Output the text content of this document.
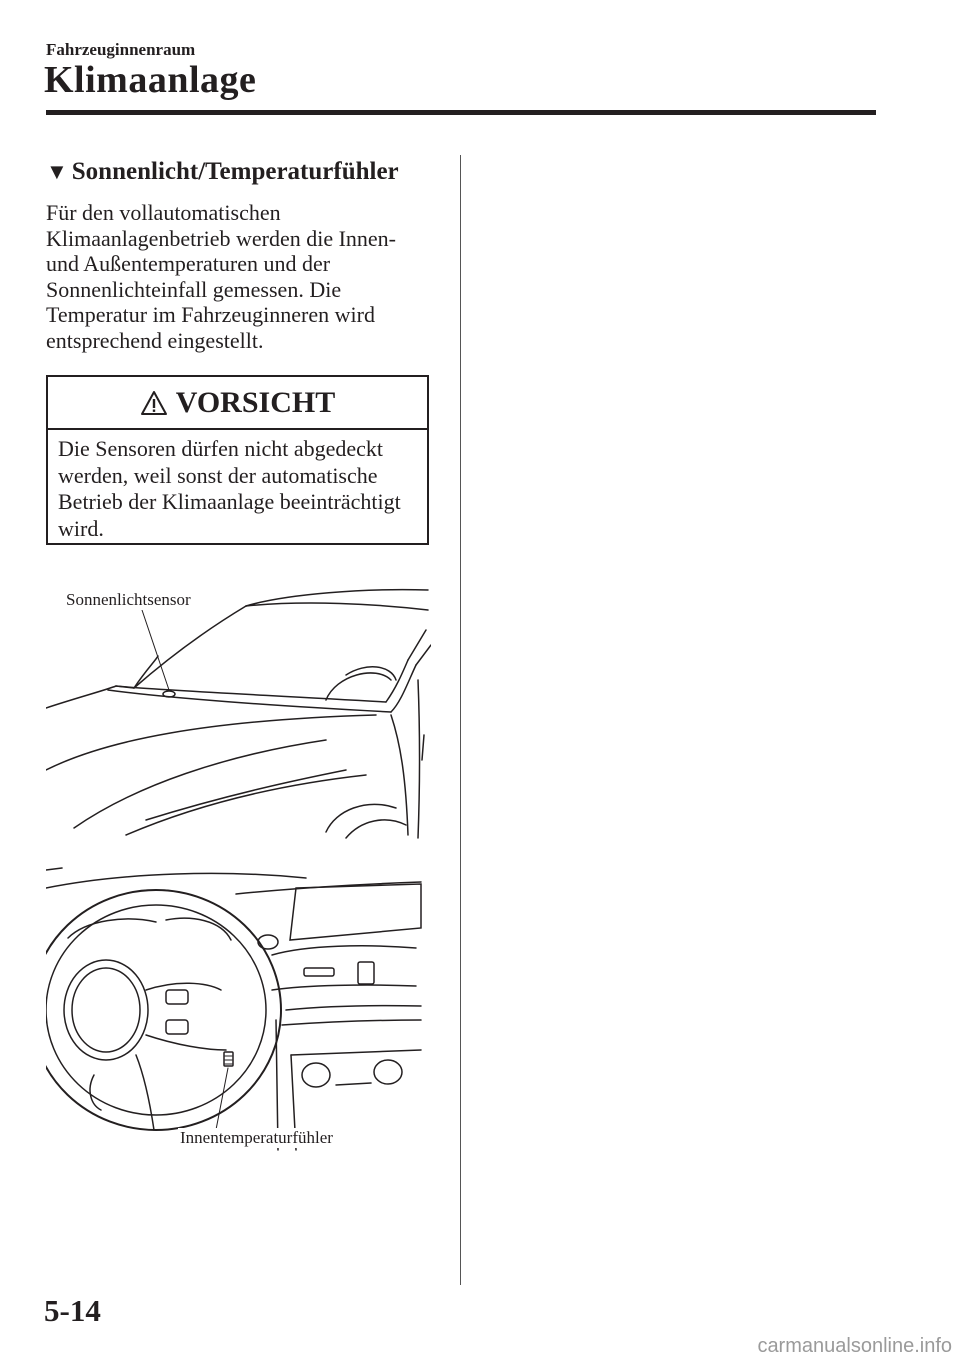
Fahrzeuginnenraum
Klimaanlage
▼ Sonnenlicht/Temperaturfühler
Für den vollautomatischen
Klimaanlagenbetrieb werden die Innen-
und Außentemperaturen und der
Sonnenlichteinfall gemessen. Die
Temperatur im Fahrzeuginneren wird
entsprechend eingestellt.
VORSICHT
Die Sensoren dürfen nicht abgedeckt
werden, weil sonst der automatische
Betrieb der Klimaanlage beeinträchtigt
wird.
Sonnenlichtsensor
Innentemperaturfühler
5-14
carmanualsonline.info
